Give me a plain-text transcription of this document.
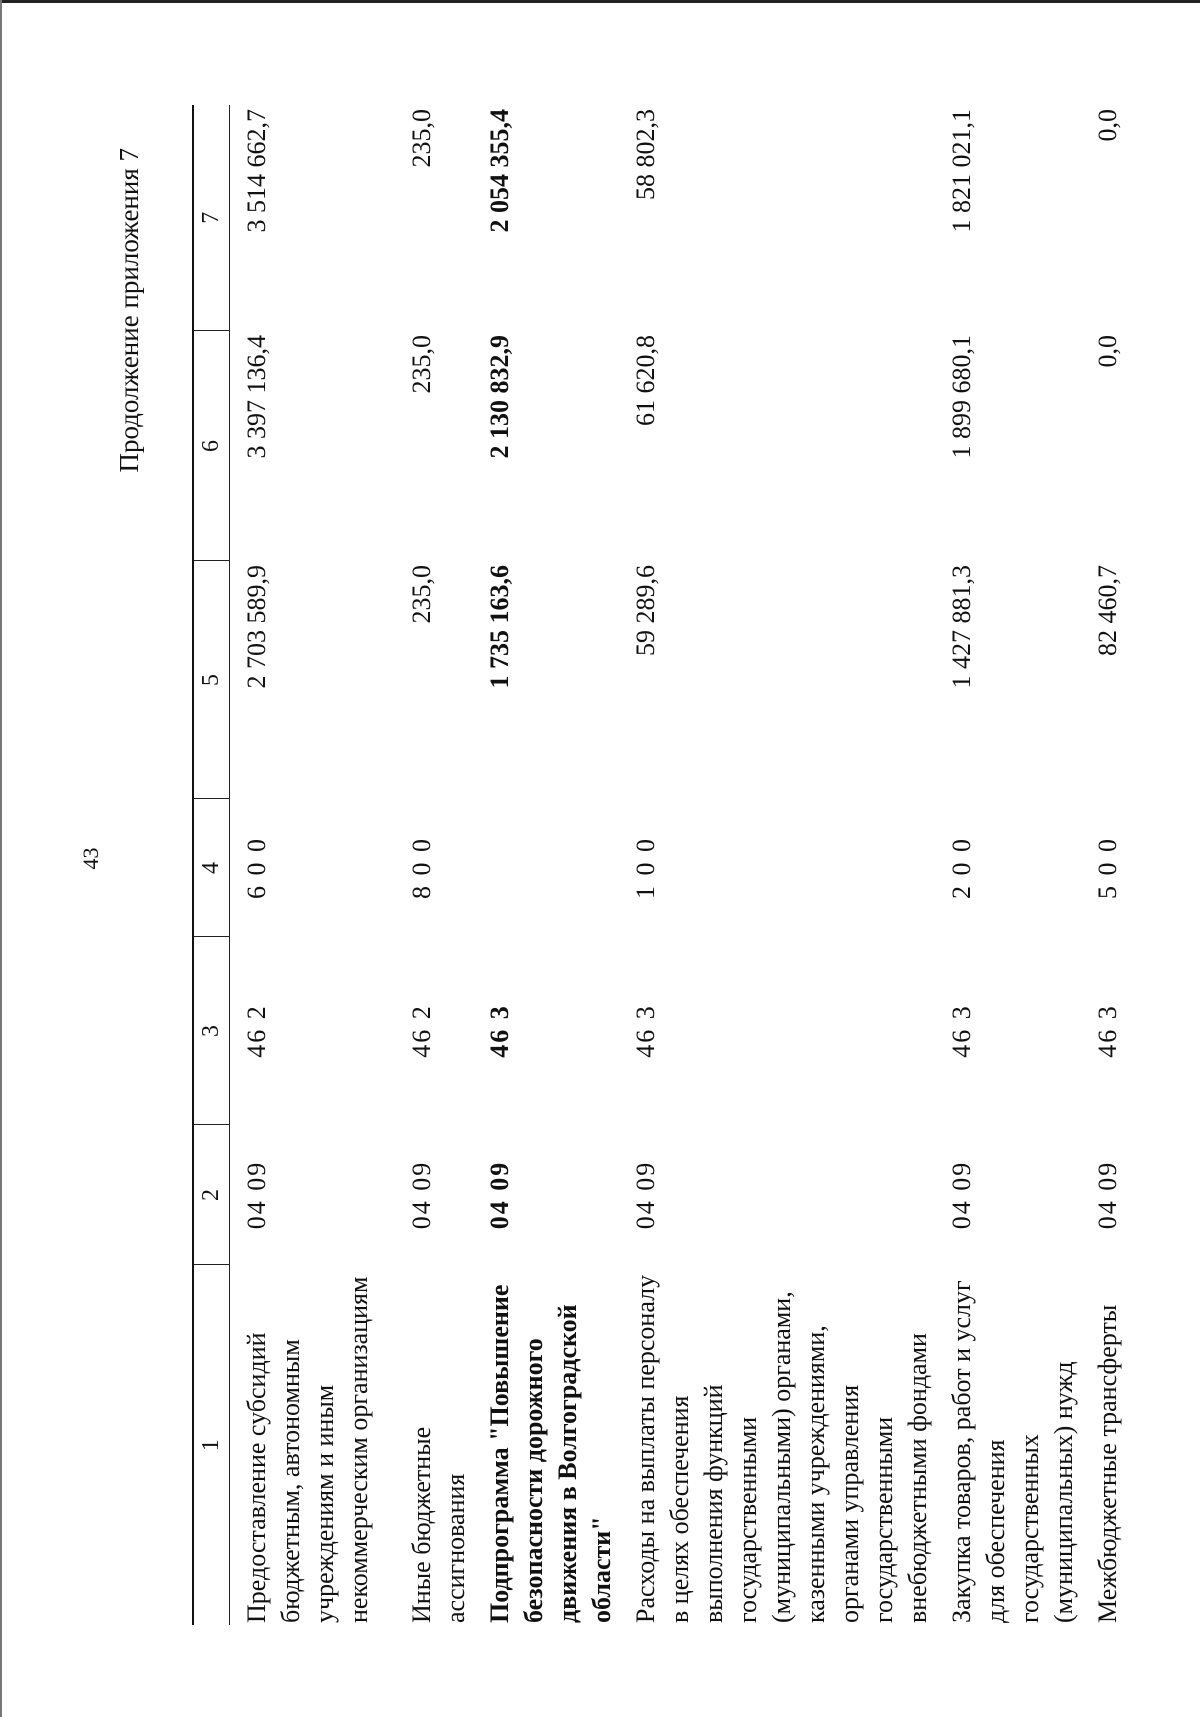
43
Продолжение приложения 7
1	2	3	4	5	6	7
Предоставление субсидий бюджетным, автономным учреждениям и иным некоммерческим организациям	04 09	46 2	6 0 0	2 703 589,9	3 397 136,4	3 514 662,7
Иные бюджетные ассигнования	04 09	46 2	8 0 0	235,0	235,0	235,0
Подпрограмма "Повышение безопасности дорожного движения в Волгоградской области"	04 09	46 3		1 735 163,6	2 130 832,9	2 054 355,4
Расходы на выплаты персоналу в целях обеспечения выполнения функций государственными (муниципальными) органами, казенными учреждениями, органами управления государственными внебюджетными фондами	04 09	46 3	1 0 0	59 289,6	61 620,8	58 802,3
Закупка товаров, работ и услуг для обеспечения государственных (муниципальных) нужд	04 09	46 3	2 0 0	1 427 881,3	1 899 680,1	1 821 021,1
Межбюджетные трансферты	04 09	46 3	5 0 0	82 460,7	0,0	0,0
